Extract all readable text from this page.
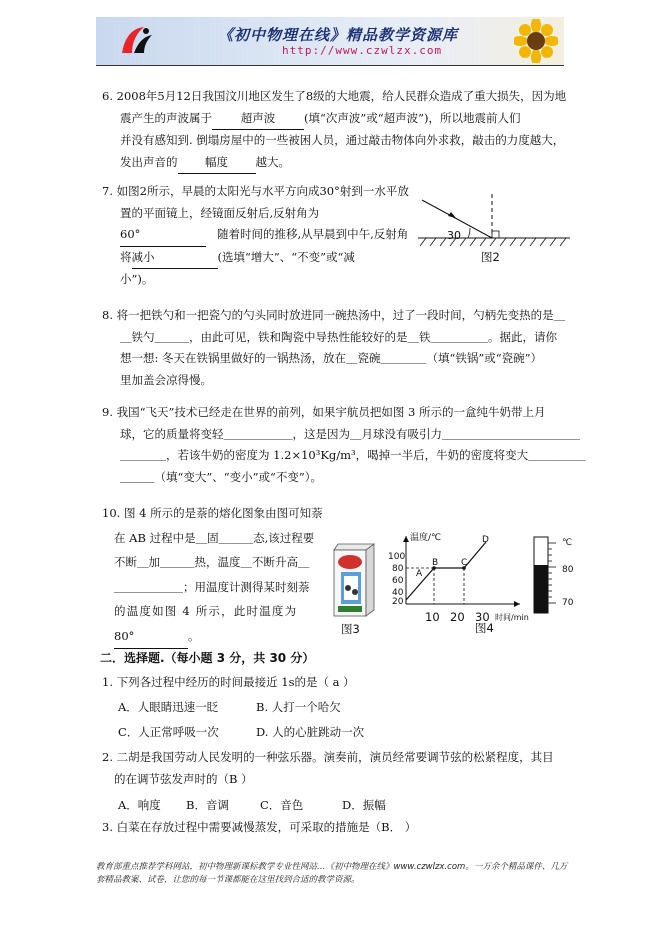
《初中物理在线》精品教学资源库
http://www.czwlzx.com

6. 2008年5月12日我国汶川地区发生了8级的大地震，给人民群众造成了重大损失，因为地

震产生的声波属于	超声波	(填“次声波”或“超声波”)，所以地震前人们

并没有感知到. 倒塌房屋中的一些被困人员，通过敲击物体向外求救，敲击的力度越大，

发出声音的 幅度 越大。

7. 如图2所示，早晨的太阳光与水平方向成30°射到一水平放

置的平面镜上，经镜面反射后,反射角为

60°	随着时间的推移,从早晨到中午,反射角

将减小	(选填“增大”、“不变”或“减

小”)。

30
图2

8. 将一把铁勺和一把瓷勺的勺头同时放进同一碗热汤中，过了一段时间，勺柄先变热的是＿

＿铁勺＿＿＿，由此可见，铁和陶瓷中导热性能较好的是＿铁＿＿＿＿＿。据此，请你

想一想: 冬天在铁锅里做好的一锅热汤，放在＿瓷碗＿＿＿＿（填“铁锅”或“瓷碗”）

里加盖会凉得慢。

9. 我国“飞天”技术已经走在世界的前列，如果宇航员把如图 3 所示的一盒纯牛奶带上月

球，它的质量将变轻＿＿＿＿＿＿，这是因为＿月球没有吸引力＿＿＿＿＿＿＿＿＿＿＿＿

＿＿＿＿，若该牛奶的密度为 1.2×10³Kg/m³，喝掉一半后，牛奶的密度将变大＿＿＿＿＿

＿＿＿（填“变大”、“变小”或“不变”）。

10. 图 4 所示的是萘的熔化图象由图可知萘

在 AB 过程中是＿固＿＿＿态,该过程要

不断＿加＿＿＿热，温度＿不断升高＿

＿＿＿＿＿＿；用温度计测得某时刻萘

的温度如图 4 所示，此时温度为

80°	。	图3
温度/℃
时间/min
100
80
60
40
20
10 20 30
A
B	C
D
图4
℃
80
70
二．选择题.（每小题 3 分，共 30 分）

1. 下列各过程中经历的时间最接近 1s的是（ a ）

A．人眼睛迅速一眨	B. 人打一个哈欠
C．人正常呼吸一次	D. 人的心脏跳动一次

2. 二胡是我国劳动人民发明的一种弦乐器。演奏前，演员经常要调节弦的松紧程度，其目

的在调节弦发声时的（B ）

A．响度 B．音调	C．音色	D．振幅

3. 白菜在存放过程中需要减慢蒸发，可采取的措施是（B． ）

教育部重点推荐学科网站，初中物理新课标教学专业性网站…《初中物理在线》www.czwlzx.com。一万余个精品课件、几万套精品教案、试卷，让您的每一节课都能在这里找到合适的教学资源。
